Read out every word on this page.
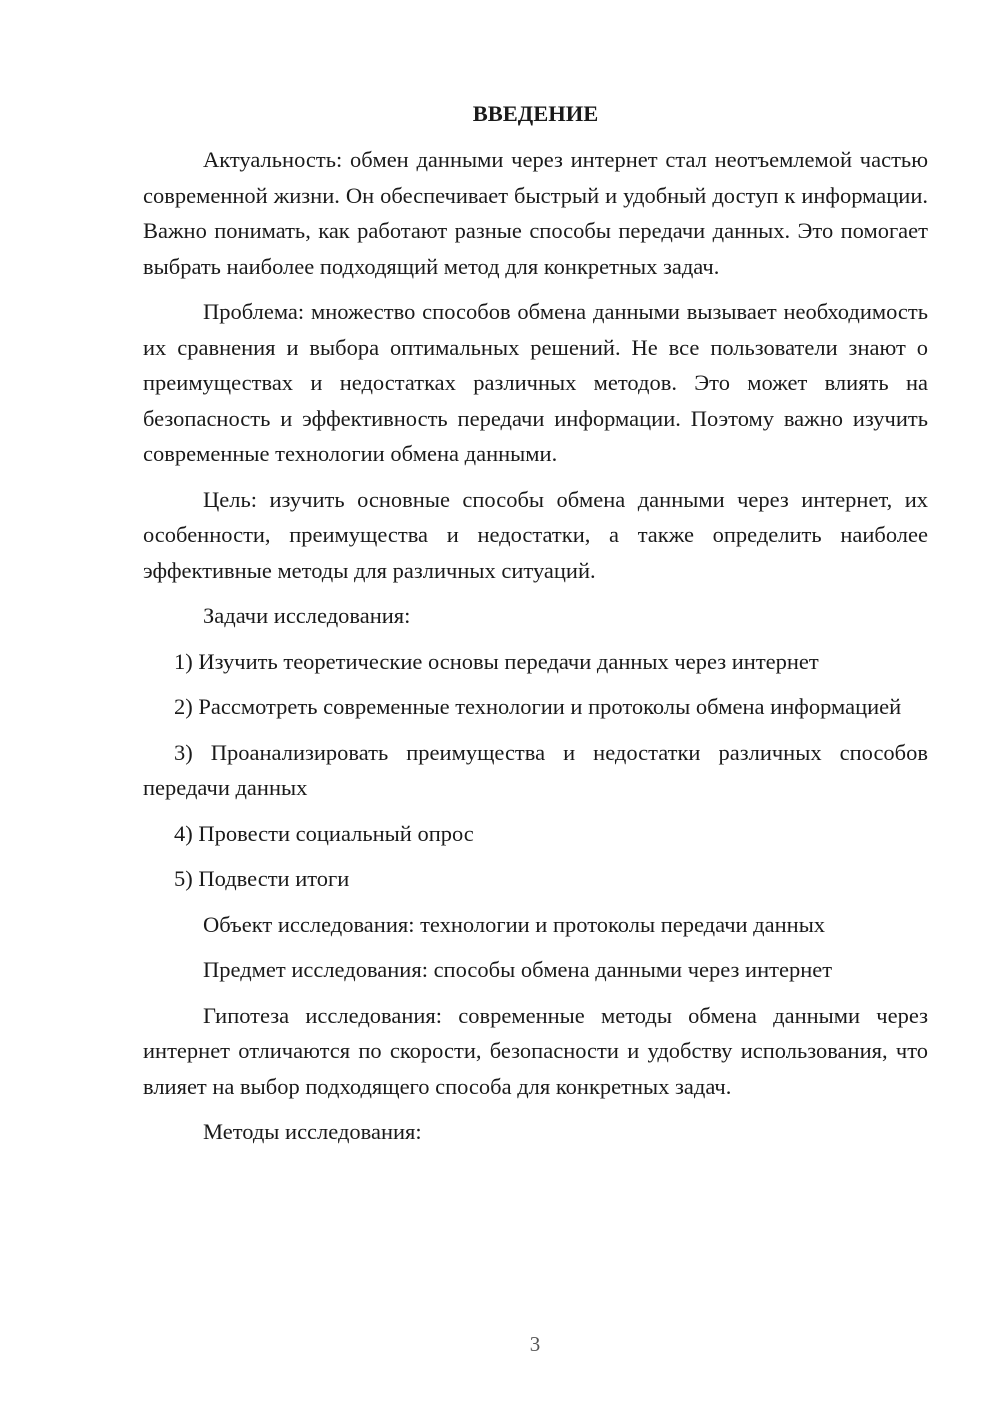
ВВЕДЕНИЕ

Актуальность: обмен данными через интернет стал неотъемлемой частью современной жизни. Он обеспечивает быстрый и удобный доступ к информации. Важно понимать, как работают разные способы передачи данных. Это помогает выбрать наиболее подходящий метод для конкретных задач.

Проблема: множество способов обмена данными вызывает необходимость их сравнения и выбора оптимальных решений. Не все пользователи знают о преимуществах и недостатках различных методов. Это может влиять на безопасность и эффективность передачи информации. Поэтому важно изучить современные технологии обмена данными.

Цель: изучить основные способы обмена данными через интернет, их особенности, преимущества и недостатки, а также определить наиболее эффективные методы для различных ситуаций.

Задачи исследования:

1) Изучить теоретические основы передачи данных через интернет

2) Рассмотреть современные технологии и протоколы обмена информацией

3) Проанализировать преимущества и недостатки различных способов передачи данных

4) Провести социальный опрос

5) Подвести итоги

Объект исследования: технологии и протоколы передачи данных

Предмет исследования: способы обмена данными через интернет

Гипотеза исследования: современные методы обмена данными через интернет отличаются по скорости, безопасности и удобству использования, что влияет на выбор подходящего способа для конкретных задач.

Методы исследования:

3
